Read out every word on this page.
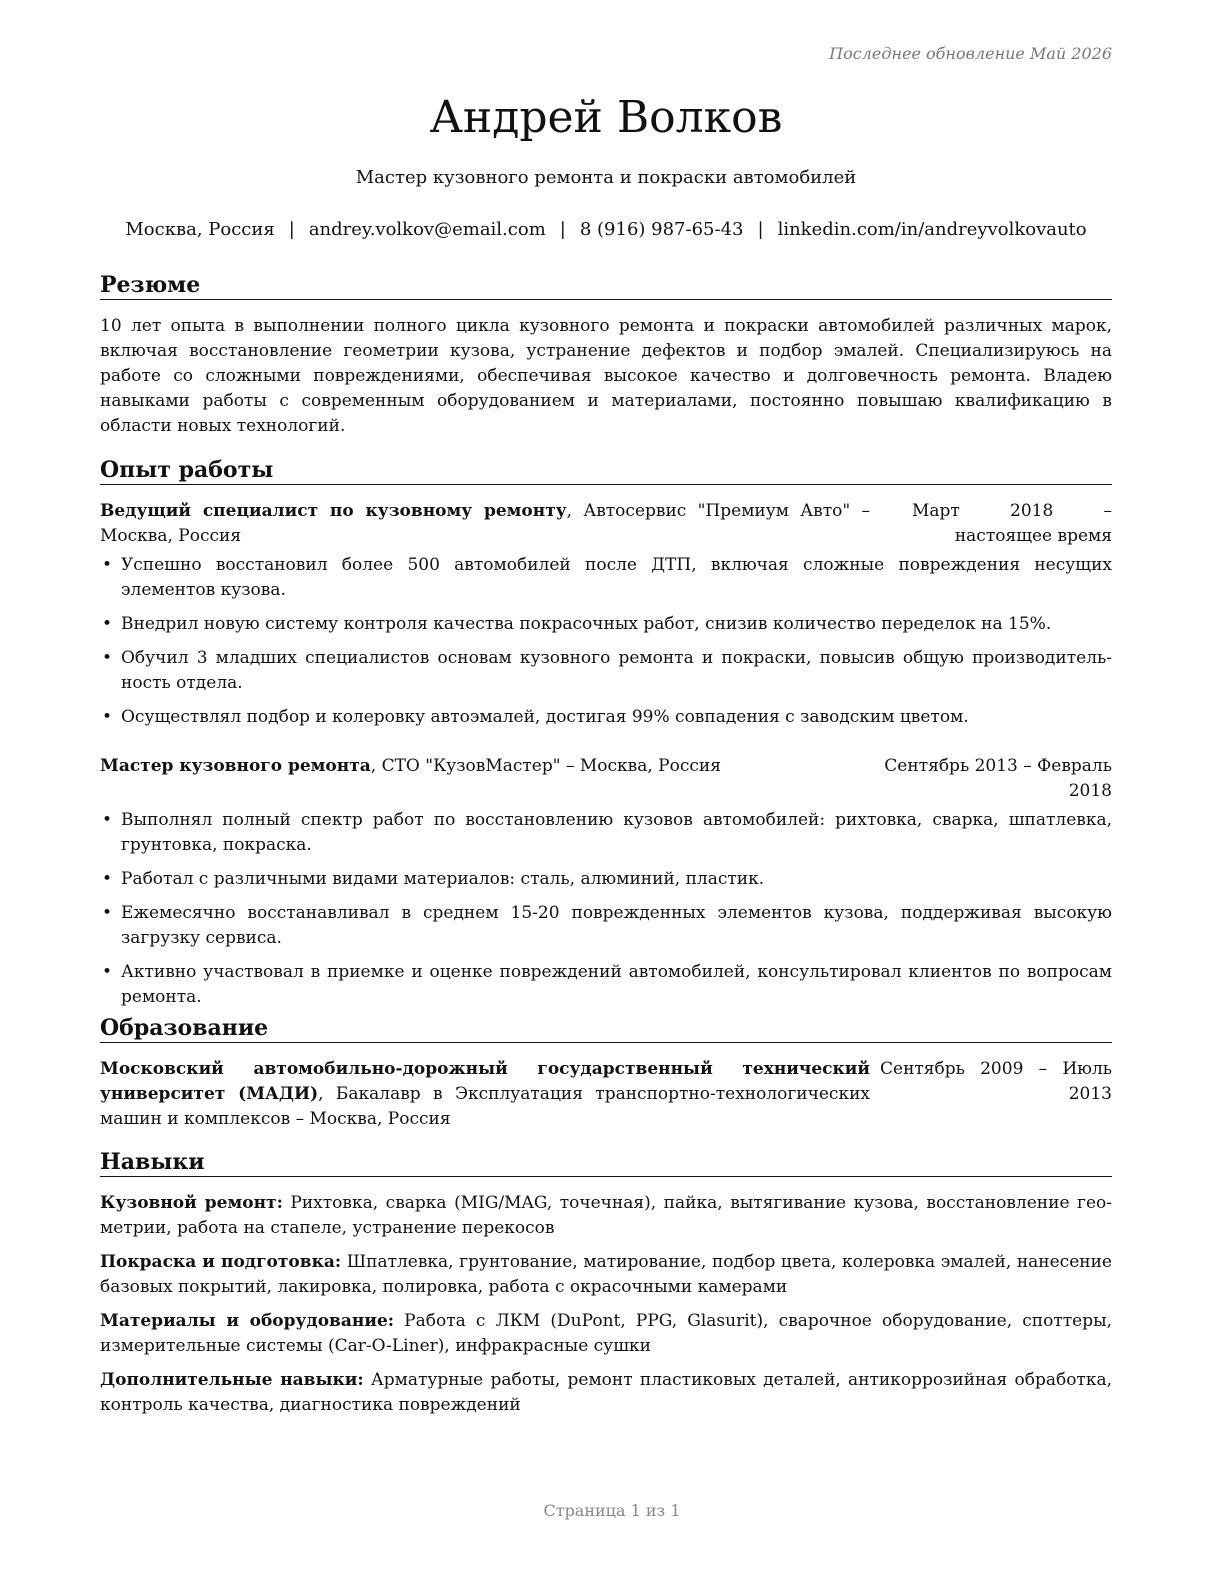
Последнее обновление Май 2026
Андрей Волков
Мастер кузовного ремонта и покраски автомобилей
Москва, Россия | andrey.volkov@email.com | 8 (916) 987-65-43 | linkedin.com/in/andreyvolkovauto
Резюме
10 лет опыта в выполнении полного цикла кузовного ремонта и покраски автомобилей различных марок, включая восстановление геометрии кузова, устранение дефектов и подбор эмалей. Специализируюсь на работе со сложными повреждениями, обеспечивая высокое качество и долговечность ремонта. Владею навыками работы с современным оборудованием и материалами, постоянно повышаю квалификацию в области новых технологий.
Опыт работы
Ведущий специалист по кузовному ремонту, Автосервис "Премиум Авто" – Москва, Россия
Март 2018 – настоящее время
• Успешно восстановил более 500 автомобилей после ДТП, включая сложные повреждения несущих элементов кузова.
• Внедрил новую систему контроля качества покрасочных работ, снизив количество переделок на 15%.
• Обучил 3 младших специалистов основам кузовного ремонта и покраски, повысив общую производительность отдела.
• Осуществлял подбор и колеровку автоэмалей, достигая 99% совпадения с заводским цветом.
Мастер кузовного ремонта, СТО "КузовМастер" – Москва, Россия	Сентябрь 2013 – Февраль 2018
• Выполнял полный спектр работ по восстановлению кузовов автомобилей: рихтовка, сварка, шпатлевка, грунтовка, покраска.
• Работал с различными видами материалов: сталь, алюминий, пластик.
• Ежемесячно восстанавливал в среднем 15-20 поврежденных элементов кузова, поддерживая высокую загрузку сервиса.
• Активно участвовал в приемке и оценке повреждений автомобилей, консультировал клиентов по вопросам ремонта.
Образование
Московский автомобильно-дорожный государственный технический университет (МАДИ), Бакалавр в Эксплуатация транспортно-технологических машин и комплексов – Москва, Россия
Сентябрь 2009 – Июль 2013
Навыки
Кузовной ремонт: Рихтовка, сварка (MIG/MAG, точечная), пайка, вытягивание кузова, восстановление геометрии, работа на стапеле, устранение перекосов
Покраска и подготовка: Шпатлевка, грунтование, матирование, подбор цвета, колеровка эмалей, нанесение базовых покрытий, лакировка, полировка, работа с окрасочными камерами
Материалы и оборудование: Работа с ЛКМ (DuPont, PPG, Glasurit), сварочное оборудование, споттеры, измерительные системы (Car-O-Liner), инфракрасные сушки
Дополнительные навыки: Арматурные работы, ремонт пластиковых деталей, антикоррозийная обработка, контроль качества, диагностика повреждений
Страница 1 из 1
